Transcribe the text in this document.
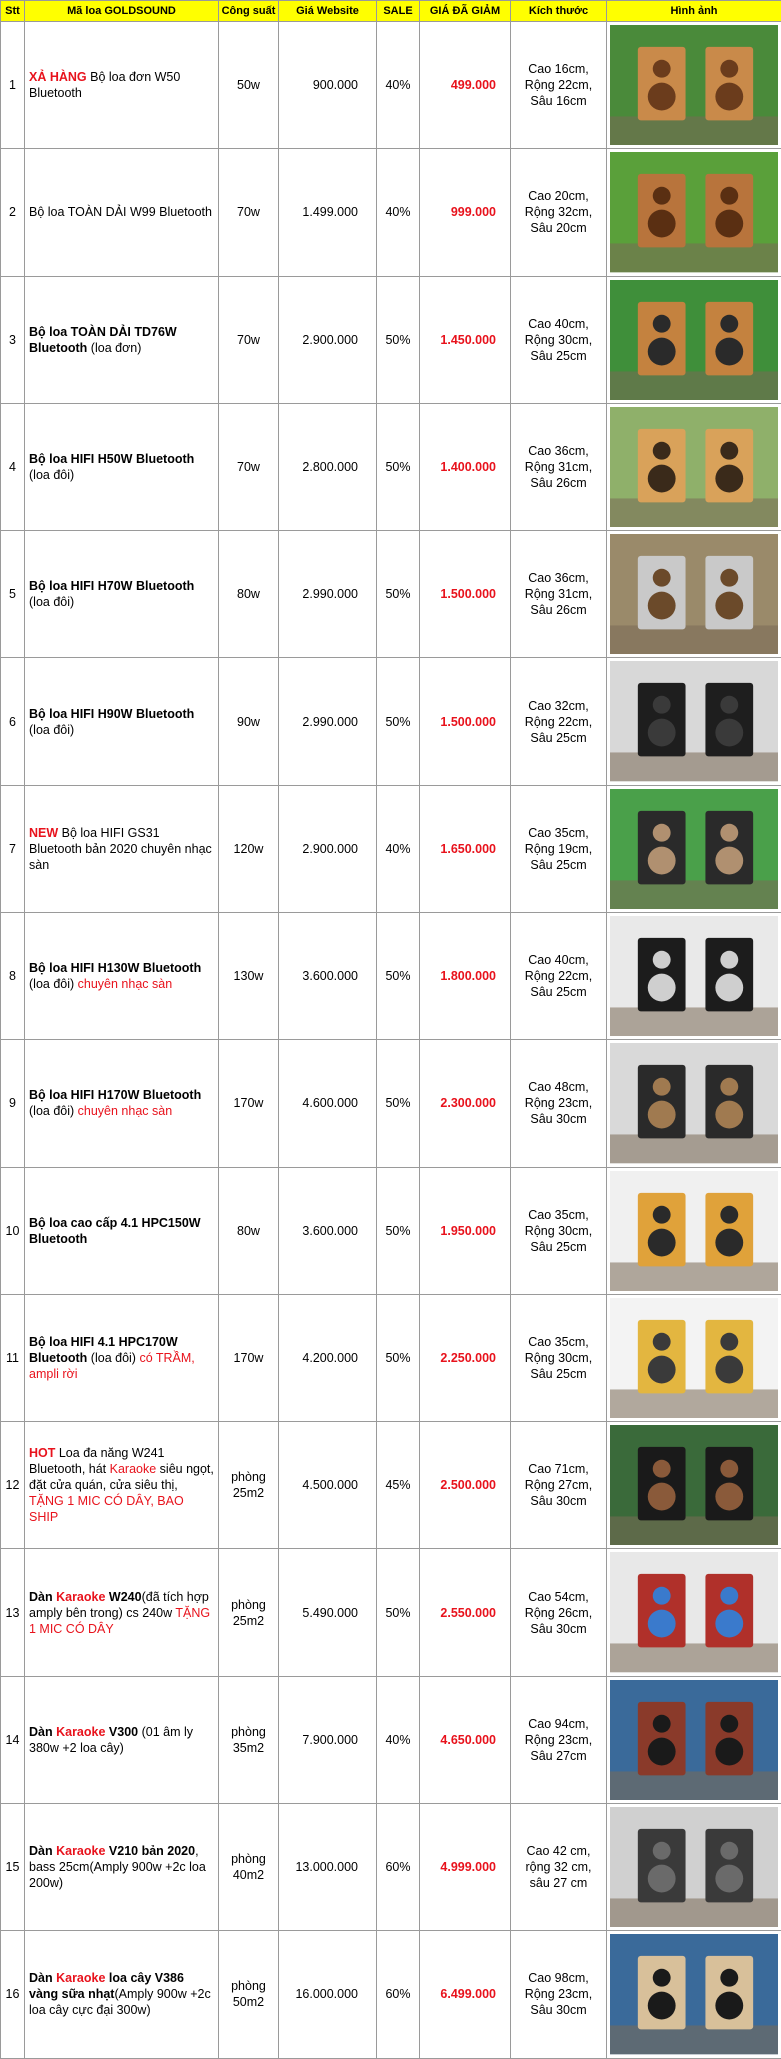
Stt	Mã loa GOLDSOUND	Công suất	Giá Website	SALE	GIÁ ĐÃ GIẢM	Kích thước	Hình ảnh
1	XẢ HÀNG Bộ loa đơn W50 Bluetooth	50w	900.000	40%	499.000	Cao 16cm,
Rộng 22cm,
Sâu 16cm

2	Bộ loa TOÀN DẢI W99 Bluetooth	70w	1.499.000	40%	999.000	Cao 20cm,
Rộng 32cm,
Sâu 20cm

3	Bộ loa TOÀN DẢI TD76W Bluetooth (loa đơn)	70w	2.900.000	50%	1.450.000	Cao 40cm,
Rộng 30cm,
Sâu 25cm

4	Bộ loa HIFI H50W Bluetooth (loa đôi)	70w	2.800.000	50%	1.400.000	Cao 36cm,
Rộng 31cm,
Sâu 26cm

5	Bộ loa HIFI H70W Bluetooth (loa đôi)	80w	2.990.000	50%	1.500.000	Cao 36cm,
Rộng 31cm,
Sâu 26cm

6	Bộ loa HIFI H90W Bluetooth (loa đôi)	90w	2.990.000	50%	1.500.000	Cao 32cm,
Rộng 22cm,
Sâu 25cm

7	NEW Bộ loa HIFI GS31 Bluetooth bản 2020 chuyên nhạc sàn	120w	2.900.000	40%	1.650.000	Cao 35cm,
Rộng 19cm,
Sâu 25cm

8	Bộ loa HIFI H130W Bluetooth (loa đôi) chuyên nhạc sàn	130w	3.600.000	50%	1.800.000	Cao 40cm,
Rộng 22cm,
Sâu 25cm

9	Bộ loa HIFI H170W Bluetooth (loa đôi) chuyên nhạc sàn	170w	4.600.000	50%	2.300.000	Cao 48cm,
Rộng 23cm,
Sâu 30cm

10	Bộ loa cao cấp 4.1 HPC150W Bluetooth	80w	3.600.000	50%	1.950.000	Cao 35cm,
Rộng 30cm,
Sâu 25cm

11	Bộ loa HIFI 4.1 HPC170W Bluetooth (loa đôi) có TRẦM, ampli rời	170w	4.200.000	50%	2.250.000	Cao 35cm,
Rộng 30cm,
Sâu 25cm

12	HOT Loa đa năng W241 Bluetooth, hát Karaoke siêu ngọt, đặt cửa quán, cửa siêu thị, TẶNG 1 MIC CÓ DÂY, BAO SHIP	phòng 25m2	4.500.000	45%	2.500.000	Cao 71cm,
Rộng 27cm,
Sâu 30cm

13	Dàn Karaoke W240(đã tích hợp amply bên trong) cs 240w TẶNG 1 MIC CÓ DÂY	phòng 25m2	5.490.000	50%	2.550.000	Cao 54cm,
Rộng 26cm,
Sâu 30cm

14	Dàn Karaoke V300 (01 âm ly 380w +2 loa cây)	phòng 35m2	7.900.000	40%	4.650.000	Cao 94cm,
Rộng 23cm,
Sâu 27cm

15	Dàn Karaoke V210 bản 2020, bass 25cm(Amply 900w +2c loa 200w)	phòng 40m2	13.000.000	60%	4.999.000	Cao 42 cm,
rộng 32 cm,
sâu 27 cm

16	Dàn Karaoke loa cây V386 vàng sữa nhạt(Amply 900w +2c loa cây cực đại 300w)	phòng 50m2	16.000.000	60%	6.499.000	Cao 98cm,
Rộng 23cm,
Sâu 30cm
